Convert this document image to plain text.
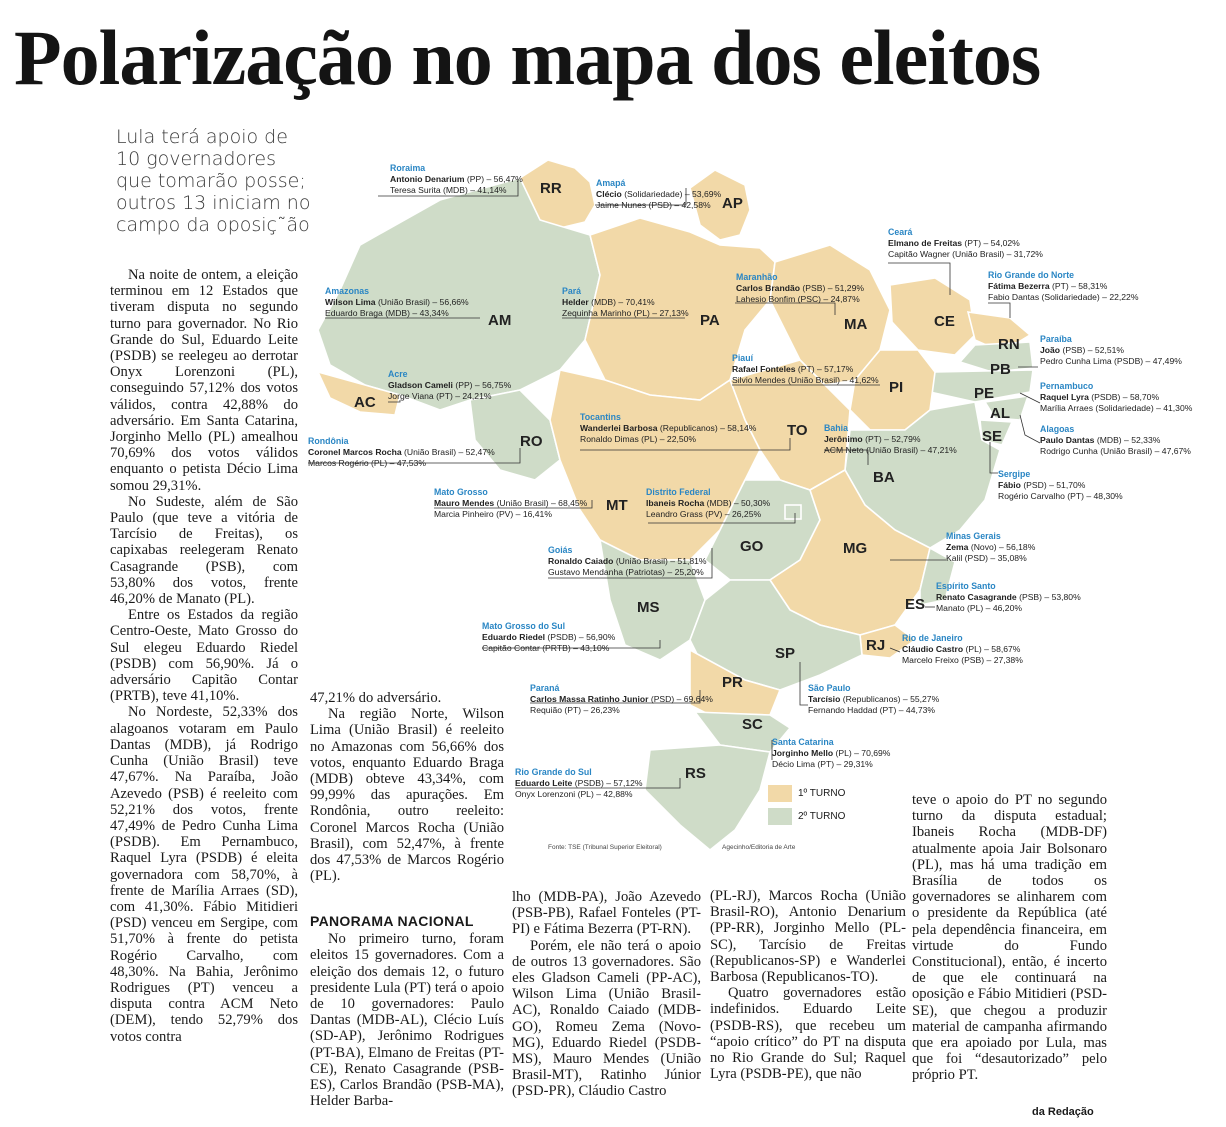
Polarização no mapa dos eleitos
Lula terá apoio de 10 governadores que tomarão posse; outros 13 iniciam no campo da oposiç˜ão
RR
AP
CE
RN
AM	PA	MA
PB
AC
PI	PE
AL
RO
TO
BA
SE
MT
MG
GO
ES
MS
RJ
SP
PR
SC
RS
Roraima
Antonio Denarium (PP) – 56,47%
Teresa Surita (MDB) – 41,14%
Amapá
Clécio (Solidariedade) – 53,69%
Jaime Nunes (PSD) – 42,58%
Ceará
Elmano de Freitas (PT) – 54,02%
Capitão Wagner (União Brasil) – 31,72%
Rio Grande do Norte
Fátima Bezerra (PT) – 58,31%
Fabio Dantas (Solidariedade) – 22,22%
Amazonas
Wilson Lima (União Brasil) – 56,66%
Eduardo Braga (MDB) – 43,34%
Pará
Helder (MDB) – 70,41%
Zequinha Marinho (PL) – 27,13%
Maranhão
Carlos Brandão (PSB) – 51,29%
Lahesio Bonfim (PSC) – 24,87%
Paraíba
João (PSB) – 52,51%
Pedro Cunha Lima (PSDB) – 47,49%
Acre
Gladson Cameli (PP) – 56,75%
Jorge Viana (PT) – 24,21%
Piauí
Rafael Fonteles (PT) – 57,17%
Silvio Mendes (União Brasil) – 41,62%
Pernambuco
Raquel Lyra (PSDB) – 58,70%
Marília Arraes (Solidariedade) – 41,30%
Alagoas
Paulo Dantas (MDB) – 52,33%
Rodrigo Cunha (União Brasil) – 47,67%
Rondônia
Coronel Marcos Rocha (União Brasil) – 52,47%
Marcos Rogério (PL) – 47,53%
Tocantins
Wanderlei Barbosa (Republicanos) – 58,14%
Ronaldo Dimas (PL) – 22,50%
Bahia
Jerônimo (PT) – 52,79%
ACM Neto (União Brasil) – 47,21%
Sergipe
Fábio (PSD) – 51,70%
Rogério Carvalho (PT) – 48,30%
Mato Grosso
Mauro Mendes (União Brasil) – 68,45%
Marcia Pinheiro (PV) – 16,41%
Distrito Federal
Ibaneis Rocha (MDB) – 50,30%
Leandro Grass (PV) – 26,25%
Minas Gerais
Zema (Novo) – 56,18%
Kalil (PSD) – 35,08%
Goiás
Ronaldo Caiado (União Brasil) – 51,81%
Gustavo Mendanha (Patriotas) – 25,20%
Espírito Santo
Renato Casagrande (PSB) – 53,80%
Manato (PL) – 46,20%
Mato Grosso do Sul
Eduardo Riedel (PSDB) – 56,90%
Capitão Contar (PRTB) – 43,10%
Rio de Janeiro
Cláudio Castro (PL) – 58,67%
Marcelo Freixo (PSB) – 27,38%
São Paulo
Tarcísio (Republicanos) – 55,27%
Fernando Haddad (PT) – 44,73%
Paraná
Carlos Massa Ratinho Junior (PSD) – 69,64%
Requião (PT) – 26,23%
Santa Catarina
Jorginho Mello (PL) – 70,69%
Décio Lima (PT) – 29,31%
Rio Grande do Sul
Eduardo Leite (PSDB) – 57,12%
Onyx Lorenzoni (PL) – 42,88%	1º TURNO
2º TURNO
Fonte: TSE (Tribunal Superior Eleitoral)	Agecinho/Editoria de Arte

Na noite de ontem, a eleição terminou em 12 Estados que tiveram disputa no segundo turno para governador. No Rio Grande do Sul, Eduardo Leite (PSDB) se reelegeu ao derrotar Onyx Lorenzoni (PL), conseguindo 57,12% dos votos válidos, contra 42,88% do adversário. Em Santa Catarina, Jorginho Mello (PL) amealhou 70,69% dos votos válidos enquanto o petista Décio Lima somou 29,31%.

No Sudeste, além de São Paulo (que teve a vitória de Tarcísio de Freitas), os capixabas reelegeram Renato Casagrande (PSB), com 53,80% dos votos, frente 46,20% de Manato (PL).

Entre os Estados da região Centro-Oeste, Mato Grosso do Sul elegeu Eduardo Riedel (PSDB) com 56,90%. Já o adversário Capitão Contar (PRTB), teve 41,10%.

No Nordeste, 52,33% dos alagoanos votaram em Paulo Dantas (MDB), já Rodrigo Cunha (União Brasil) teve 47,67%. Na Paraíba, João Azevedo (PSB) é reeleito com 52,21% dos votos, frente 47,49% de Pedro Cunha Lima (PSDB). Em Pernambuco, Raquel Lyra (PSDB) é eleita governadora com 58,70%, à frente de Marília Arraes (SD), com 41,30%. Fábio Mitidieri (PSD) venceu em Sergipe, com 51,70% à frente do petista Rogério Carvalho, com 48,30%. Na Bahia, Jerônimo Rodrigues (PT) venceu a disputa contra ACM Neto (DEM), tendo 52,79% dos votos contra

47,21% do adversário.

Na região Norte, Wilson Lima (União Brasil) é reeleito no Amazonas com 56,66% dos votos, enquanto Eduardo Braga (MDB) obteve 43,34%, com 99,99% das apurações. Em Rondônia, outro reeleito: Coronel Marcos Rocha (União Brasil), com 52,47%, à frente dos 47,53% de Marcos Rogério (PL).

PANORAMA NACIONAL

No primeiro turno, foram eleitos 15 governadores. Com a eleição dos demais 12, o futuro presidente Lula (PT) terá o apoio de 10 governadores: Paulo Dantas (MDB-AL), Clécio Luís (SD-AP), Jerônimo Rodrigues (PT-BA), Elmano de Freitas (PT-CE), Renato Casagrande (PSB-ES), Carlos Brandão (PSB-MA), Helder Barba-

lho (MDB-PA), João Azevedo (PSB-PB), Rafael Fonteles (PT-PI) e Fátima Bezerra (PT-RN).

Porém, ele não terá o apoio de outros 13 governadores. São eles Gladson Cameli (PP-AC), Wilson Lima (União Brasil-AC), Ronaldo Caiado (MDB-GO), Romeu Zema (Novo-MG), Eduardo Riedel (PSDB-MS), Mauro Mendes (União Brasil-MT), Ratinho Júnior (PSD-PR), Cláudio Castro

(PL-RJ), Marcos Rocha (União Brasil-RO), Antonio Denarium (PP-RR), Jorginho Mello (PL-SC), Tarcísio de Freitas (Republicanos-SP) e Wanderlei Barbosa (Republicanos-TO).

Quatro governadores estão indefinidos. Eduardo Leite (PSDB-RS), que recebeu um “apoio crítico” do PT na disputa no Rio Grande do Sul; Raquel Lyra (PSDB-PE), que não

teve o apoio do PT no segundo turno da disputa estadual; Ibaneis Rocha (MDB-DF) atualmente apoia Jair Bolsonaro (PL), mas há uma tradição em Brasília de todos os governadores se alinharem com o presidente da República (até pela dependência financeira, em virtude do Fundo Constitucional), então, é incerto de que ele continuará na oposição e Fábio Mitidieri (PSD-SE), que chegou a produzir material de campanha afirmando que era apoiado por Lula, mas que foi “desautorizado” pelo próprio PT.

da Redação
